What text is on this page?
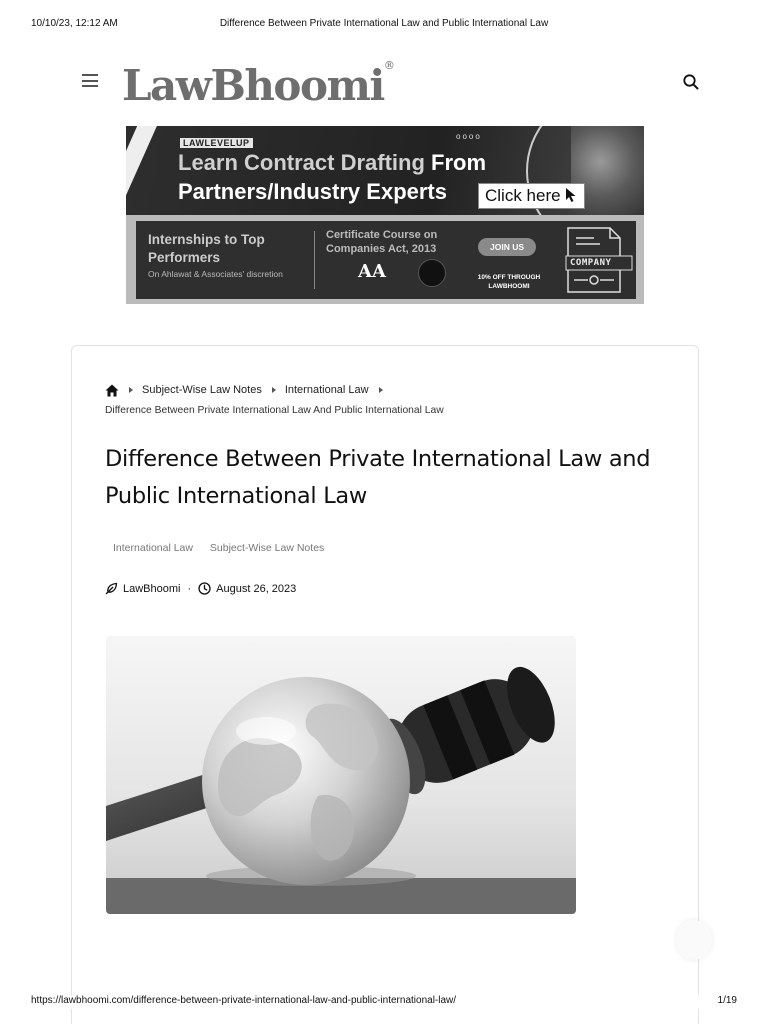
10/10/23, 12:12 AM	Difference Between Private International Law and Public International Law
LawBhoomi ®
LAWLEVELUP
oooo
Learn Contract Drafting From
Partners/Industry Experts	Click here
Internships to Top Performers
On Ahlawat & Associates' discretion
Certificate Course on Companies Act, 2013
AA
JOIN US
10% OFF THROUGH LAWBHOOMI
COMPANY
Subject-Wise Law Notes International Law
Difference Between Private International Law And Public International Law
Difference Between Private International Law and Public International Law
International Law Subject-Wise Law Notes
LawBhoomi · August 26, 2023
https://lawbhoomi.com/difference-between-private-international-law-and-public-international-law/	1/19
